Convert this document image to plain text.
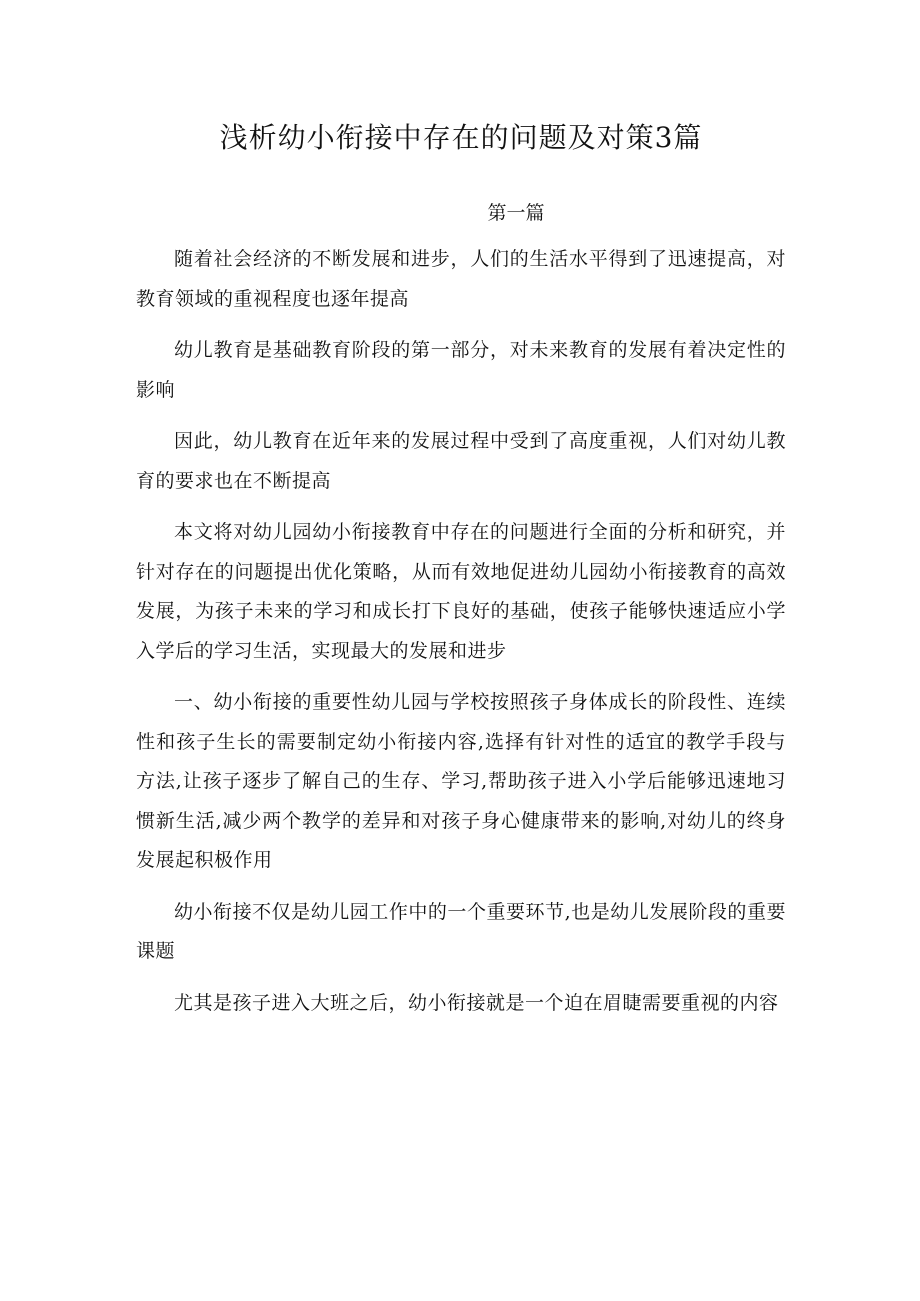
浅析幼小衔接中存在的问题及对策3篇
第一篇

随着社会经济的不断发展和进步，人们的生活水平得到了迅速提高，对教育领域的重视程度也逐年提高

幼儿教育是基础教育阶段的第一部分，对未来教育的发展有着决定性的影响

因此，幼儿教育在近年来的发展过程中受到了高度重视，人们对幼儿教育的要求也在不断提高

本文将对幼儿园幼小衔接教育中存在的问题进行全面的分析和研究，并针对存在的问题提出优化策略，从而有效地促进幼儿园幼小衔接教育的高效发展，为孩子未来的学习和成长打下良好的基础，使孩子能够快速适应小学入学后的学习生活，实现最大的发展和进步

一、幼小衔接的重要性幼儿园与学校按照孩子身体成长的阶段性、连续性和孩子生长的需要制定幼小衔接内容,选择有针对性的适宜的教学手段与方法,让孩子逐步了解自己的生存、学习,帮助孩子进入小学后能够迅速地习惯新生活,减少两个教学的差异和对孩子身心健康带来的影响,对幼儿的终身发展起积极作用

幼小衔接不仅是幼儿园工作中的一个重要环节,也是幼儿发展阶段的重要课题

尤其是孩子进入大班之后，幼小衔接就是一个迫在眉睫需要重视的内容
